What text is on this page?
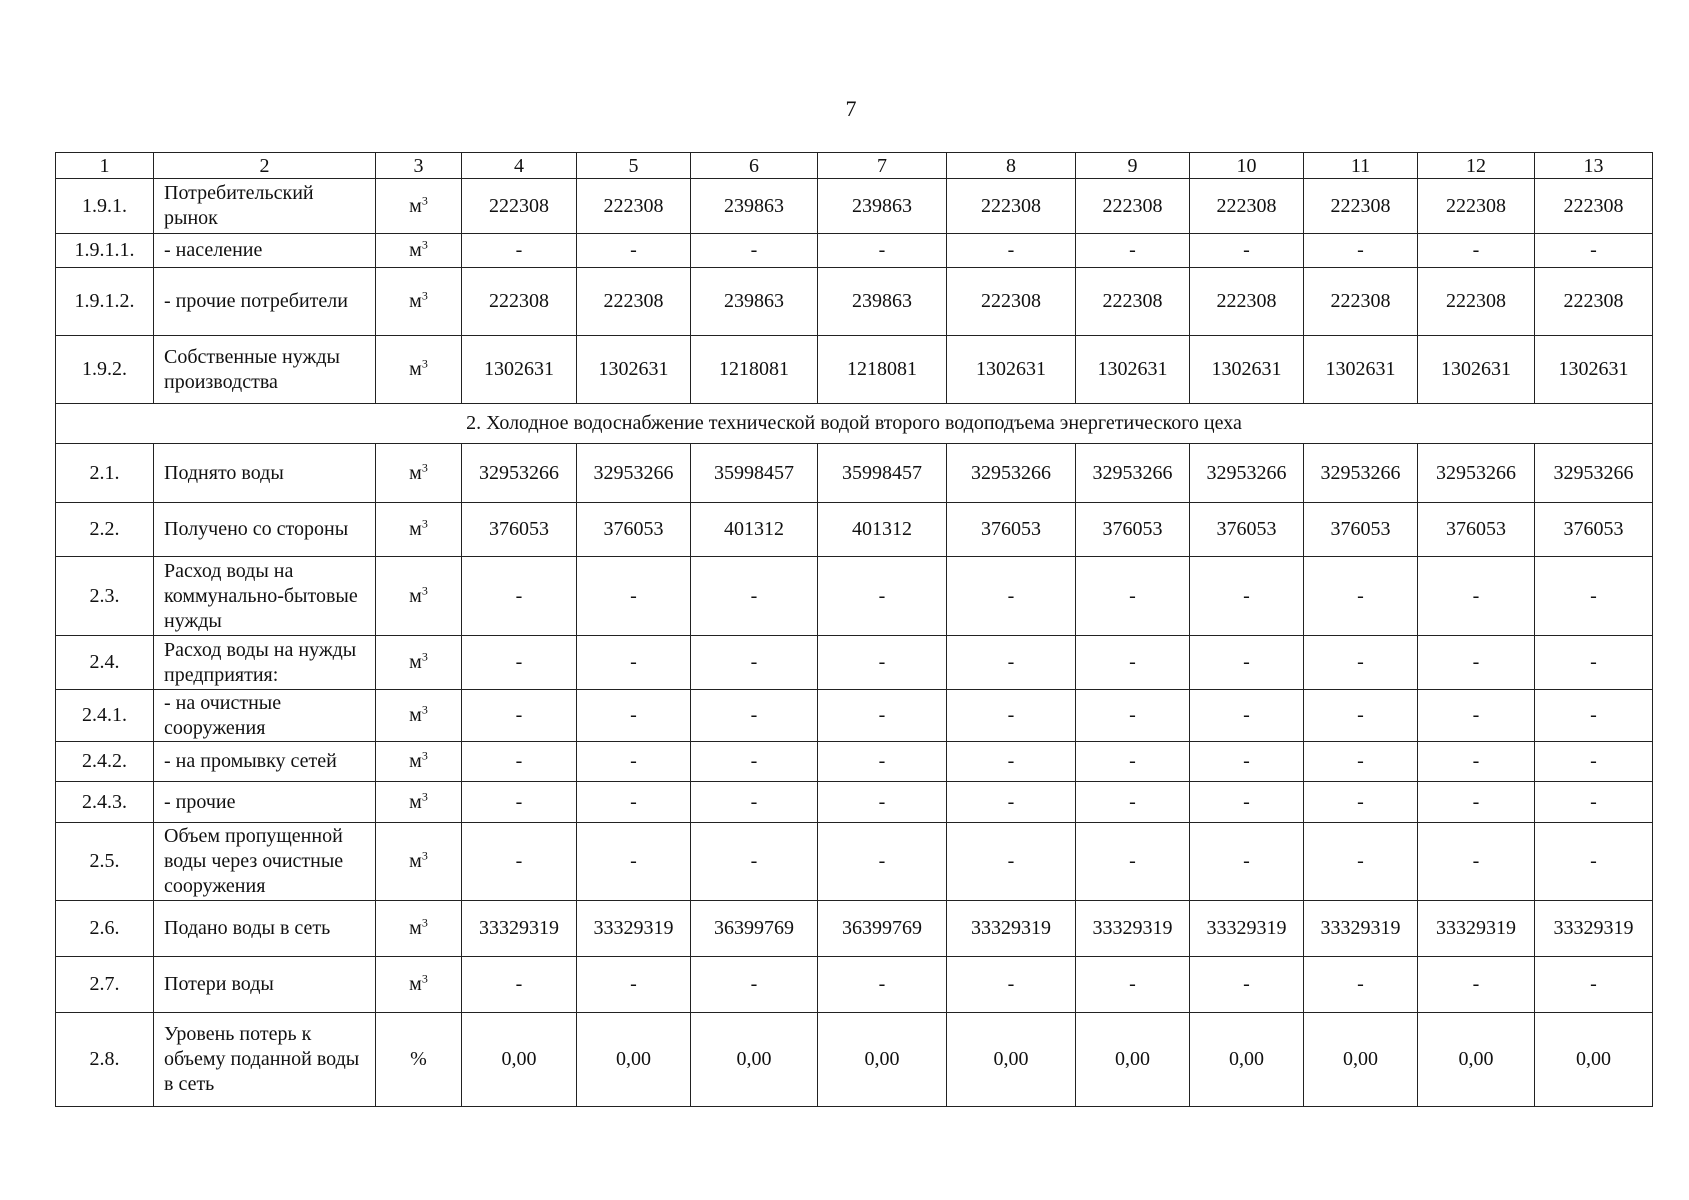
7
1	2	3	4	5	6	7	8	9	10	11	12	13
1.9.1.	Потребительский рынок	$м^3$	222308	222308	239863	239863	222308	222308	222308	222308	222308	222308
1.9.1.1.	- население	$м^3$	-	-	-	-	-	-	-	-	-	-
1.9.1.2.	- прочие потребители	$м^3$	222308	222308	239863	239863	222308	222308	222308	222308	222308	222308
1.9.2.	Собственные нужды производства	$м^3$	1302631	1302631	1218081	1218081	1302631	1302631	1302631	1302631	1302631	1302631
2. Холодное водоснабжение технической водой второго водоподъема энергетического цеха												
2.1.	Поднято воды	$м^3$	32953266	32953266	35998457	35998457	32953266	32953266	32953266	32953266	32953266	32953266
2.2.	Получено со стороны	$м^3$	376053	376053	401312	401312	376053	376053	376053	376053	376053	376053
2.3.	Расход воды на коммунально-бытовые нужды	$м^3$	-	-	-	-	-	-	-	-	-	-
2.4.	Расход воды на нужды предприятия:	$м^3$	-	-	-	-	-	-	-	-	-	-
2.4.1.	- на очистные сооружения	$м^3$	-	-	-	-	-	-	-	-	-	-
2.4.2.	- на промывку сетей	$м^3$	-	-	-	-	-	-	-	-	-	-
2.4.3.	- прочие	$м^3$	-	-	-	-	-	-	-	-	-	-
2.5.	Объем пропущенной воды через очистные сооружения	$м^3$	-	-	-	-	-	-	-	-	-	-
2.6.	Подано воды в сеть	$м^3$	33329319	33329319	36399769	36399769	33329319	33329319	33329319	33329319	33329319	33329319
2.7.	Потери воды	$м^3$	-	-	-	-	-	-	-	-	-	-
2.8.	Уровень потерь к объему поданной воды в сеть	%	0,00	0,00	0,00	0,00	0,00	0,00	0,00	0,00	0,00	0,00
